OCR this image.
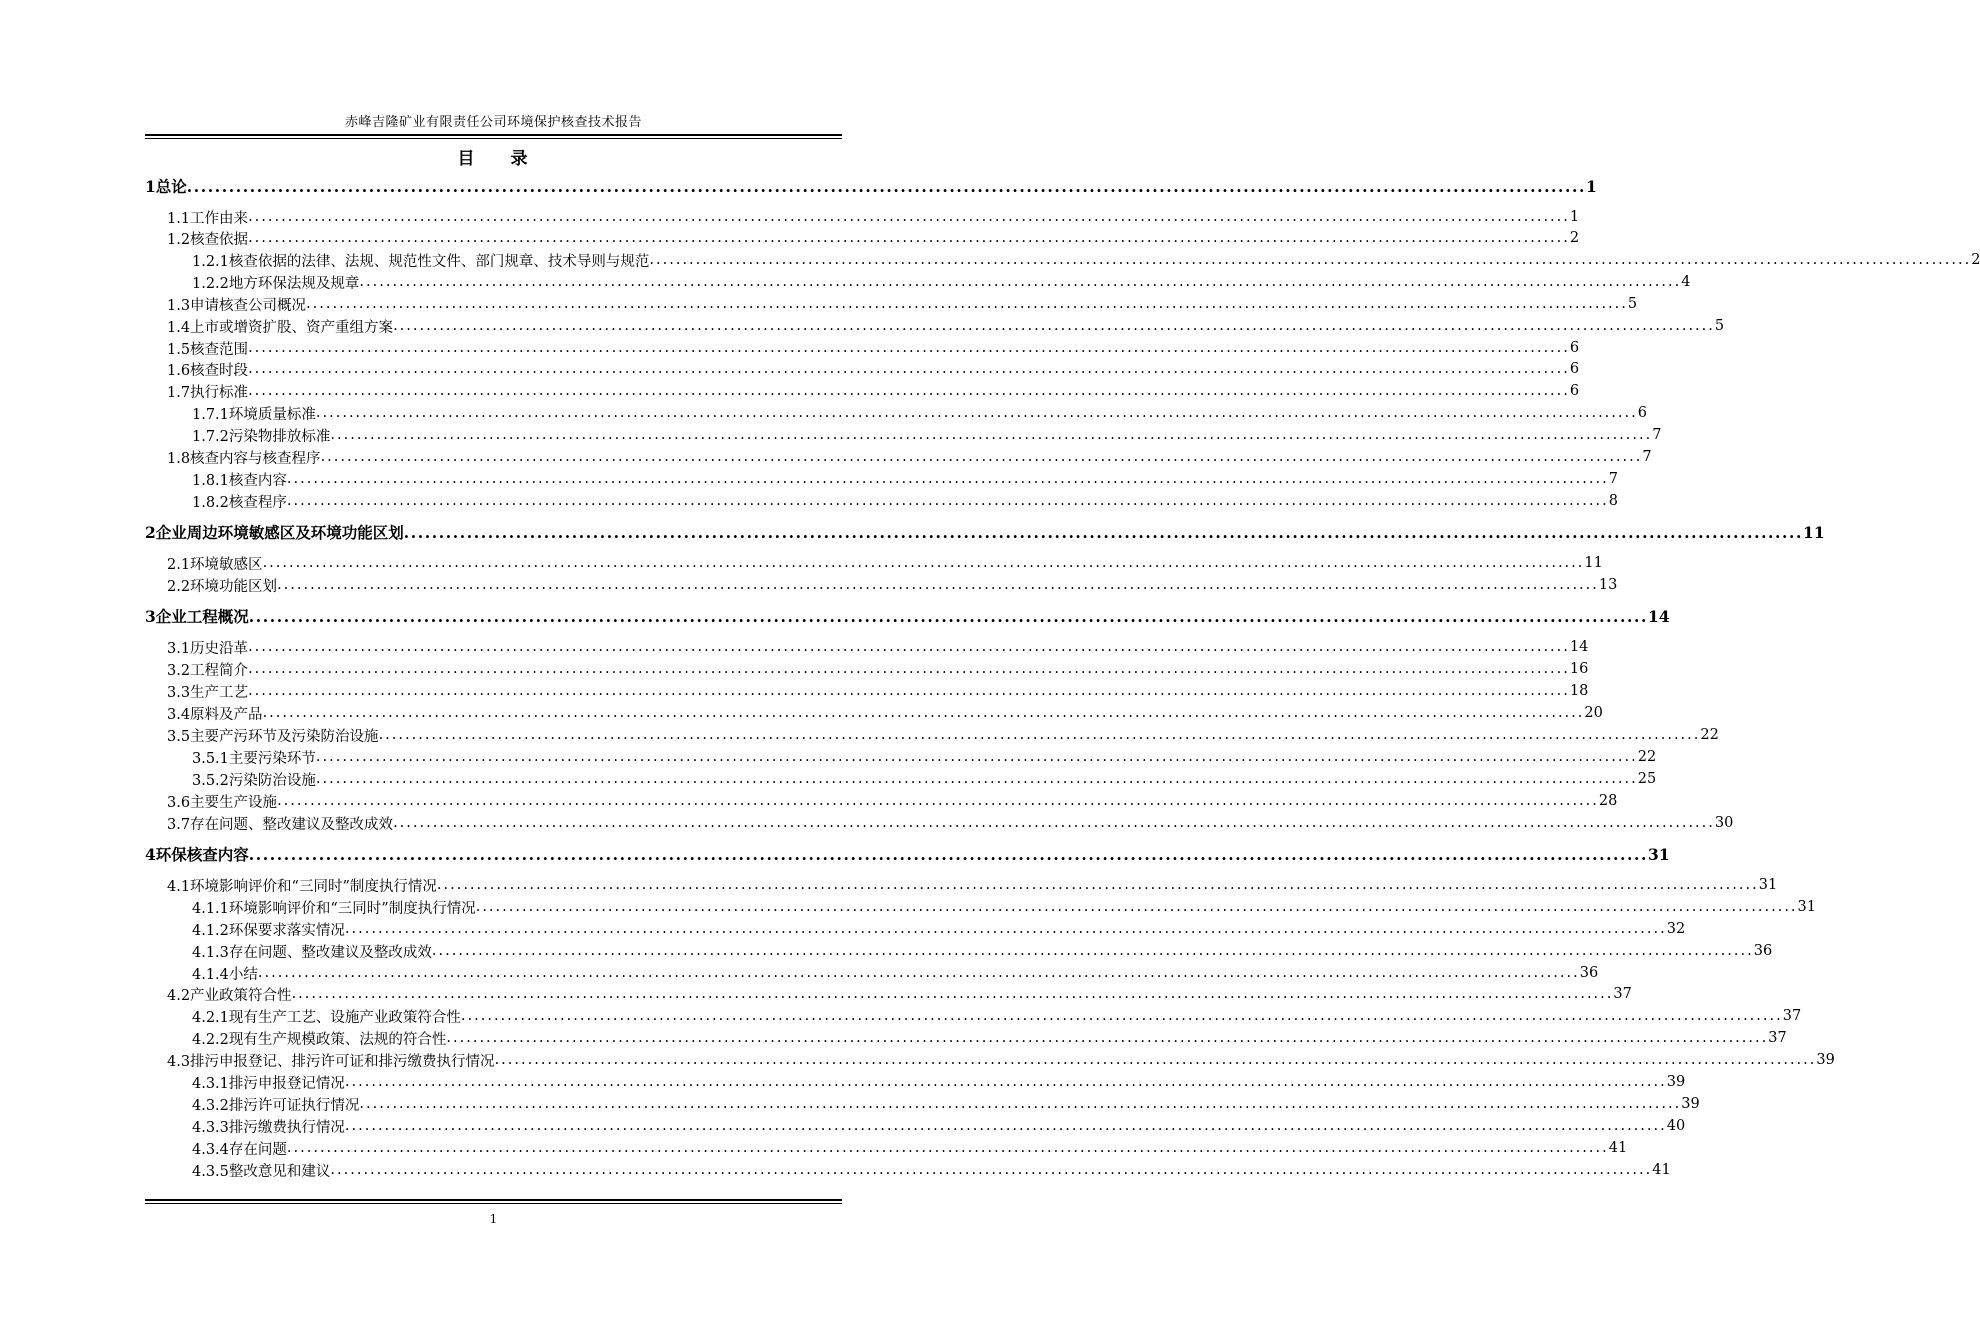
赤峰吉隆矿业有限责任公司环境保护核查技术报告
目 录
1总论 ........................................................................................................................................................................................................ 1
1.1工作由来 ........................................................................................................................................................................................................ 1
1.2核查依据 ........................................................................................................................................................................................................ 2
1.2.1核查依据的法律、法规、规范性文件、部门规章、技术导则与规范 ........................................................................................................................................................................................................ 2
1.2.2地方环保法规及规章 ........................................................................................................................................................................................................ 4
1.3申请核查公司概况 ........................................................................................................................................................................................................ 5
1.4上市或增资扩股、资产重组方案 ........................................................................................................................................................................................................ 5
1.5核查范围 ........................................................................................................................................................................................................ 6
1.6核查时段 ........................................................................................................................................................................................................ 6
1.7执行标准 ........................................................................................................................................................................................................ 6
1.7.1环境质量标准 ........................................................................................................................................................................................................ 6
1.7.2污染物排放标准 ........................................................................................................................................................................................................ 7
1.8核查内容与核查程序 ........................................................................................................................................................................................................ 7
1.8.1核查内容 ........................................................................................................................................................................................................ 7
1.8.2核查程序 ........................................................................................................................................................................................................ 8
2企业周边环境敏感区及环境功能区划 ........................................................................................................................................................................................................ 11
2.1环境敏感区 ........................................................................................................................................................................................................ 11
2.2环境功能区划 ........................................................................................................................................................................................................ 13
3企业工程概况 ........................................................................................................................................................................................................ 14
3.1历史沿革 ........................................................................................................................................................................................................ 14
3.2工程简介 ........................................................................................................................................................................................................ 16
3.3生产工艺 ........................................................................................................................................................................................................ 18
3.4原料及产品 ........................................................................................................................................................................................................ 20
3.5主要产污环节及污染防治设施 ........................................................................................................................................................................................................ 22
3.5.1主要污染环节 ........................................................................................................................................................................................................ 22
3.5.2污染防治设施 ........................................................................................................................................................................................................ 25
3.6主要生产设施 ........................................................................................................................................................................................................ 28
3.7存在问题、整改建议及整改成效 ........................................................................................................................................................................................................ 30
4环保核查内容 ........................................................................................................................................................................................................ 31
4.1环境影响评价和“三同时”制度执行情况 ........................................................................................................................................................................................................ 31
4.1.1环境影响评价和“三同时”制度执行情况 ........................................................................................................................................................................................................ 31
4.1.2环保要求落实情况 ........................................................................................................................................................................................................ 32
4.1.3存在问题、整改建议及整改成效 ........................................................................................................................................................................................................ 36
4.1.4小结 ........................................................................................................................................................................................................ 36
4.2产业政策符合性 ........................................................................................................................................................................................................ 37
4.2.1现有生产工艺、设施产业政策符合性 ........................................................................................................................................................................................................ 37
4.2.2现有生产规模政策、法规的符合性 ........................................................................................................................................................................................................ 37
4.3排污申报登记、排污许可证和排污缴费执行情况 ........................................................................................................................................................................................................ 39
4.3.1排污申报登记情况 ........................................................................................................................................................................................................ 39
4.3.2排污许可证执行情况 ........................................................................................................................................................................................................ 39
4.3.3排污缴费执行情况 ........................................................................................................................................................................................................ 40
4.3.4存在问题 ........................................................................................................................................................................................................ 41
4.3.5整改意见和建议 ........................................................................................................................................................................................................ 41
1
